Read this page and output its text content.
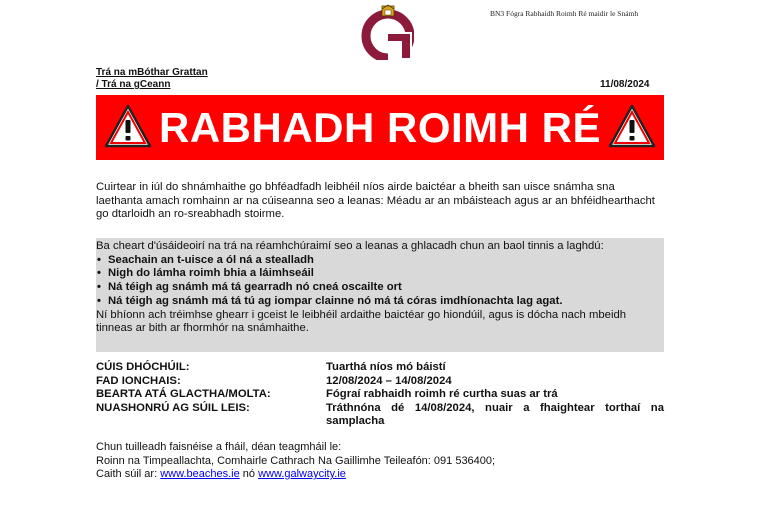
BN3 Fógra Rabhaidh Roimh Ré maidir le Snámh
Trá na mBóthar Grattan
/ Trá na gCeann	11/08/2024
RABHADH ROIMH RÉ
Cuirtear in iúl do shnámhaithe go bhféadfadh leibhéil níos airde baictéar a bheith san uisce snámha sna laethanta amach romhainn ar na cúiseanna seo a leanas: Méadu ar an mbáisteach agus ar an bhféidhearthacht go dtarloidh an ro-sreabhadh stoirme.
Ba cheart d'úsáideoirí na trá na réamhchúraimí seo a leanas a ghlacadh chun an baol tinnis a laghdú:
• Seachain an t-uisce a ól ná a stealladh
• Nigh do lámha roimh bhia a láimhseáil
• Ná téigh ag snámh má tá gearradh nó cneá oscailte ort
• Ná téigh ag snámh má tá tú ag iompar clainne nó má tá córas imdhíonachta lag agat.
Ní bhíonn ach tréimhse ghearr i gceist le leibhéil ardaithe baictéar go hiondúil, agus is dócha nach mbeidh tinneas ar bith ar fhormhór na snámhaithe.
CÚIS DHÓCHÚIL:	Tuarthá níos mó báistí
FAD IONCHAIS:	12/08/2024 – 14/08/2024
BEARTA ATÁ GLACTHA/MOLTA:	Fógraí rabhaidh roimh ré curtha suas ar trá
NUASHONRÚ AG SÚIL LEIS:	Tráthnóna dé 14/08/2024, nuair a fhaightear torthaí na samplacha
Chun tuilleadh faisnéise a fháil, déan teagmháil le:
Roinn na Timpeallachta, Comhairle Cathrach Na Gaillimhe Teileafón: 091 536400;
Caith súil ar: www.beaches.ie nó www.galwaycity.ie
